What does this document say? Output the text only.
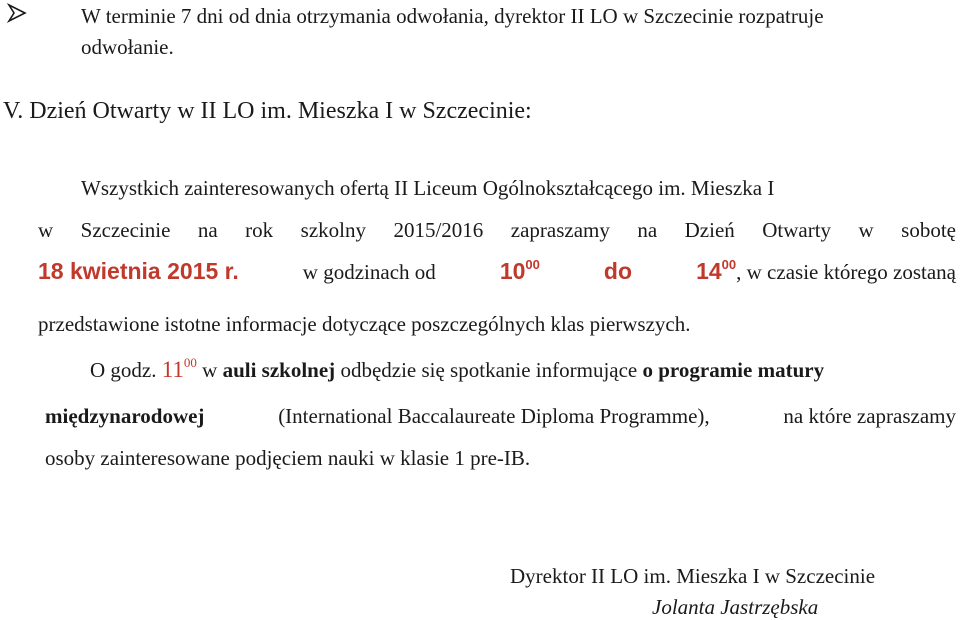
W terminie 7 dni od dnia otrzymania odwołania, dyrektor II LO w Szczecinie rozpatruje
odwołanie.
V. Dzień Otwarty w II LO im. Mieszka I w Szczecinie:
Wszystkich zainteresowanych ofertą II Liceum Ogólnokształcącego im. Mieszka I
w Szczecinie na rok szkolny 2015/2016 zapraszamy na Dzień Otwarty w sobotę
18 kwietnia 2015 r.	w godzinach od	$10^{00}$	do	$14^{00}$, w czasie którego zostaną
przedstawione istotne informacje dotyczące poszczególnych klas pierwszych.
O godz. $11^{00}$ w auli szkolnej odbędzie się spotkanie informujące o programie matury
międzynarodowej	(International Baccalaureate Diploma Programme),	na które zapraszamy
osoby zainteresowane podjęciem nauki w klasie 1 pre-IB.
Dyrektor II LO im. Mieszka I w Szczecinie
Jolanta Jastrzębska
